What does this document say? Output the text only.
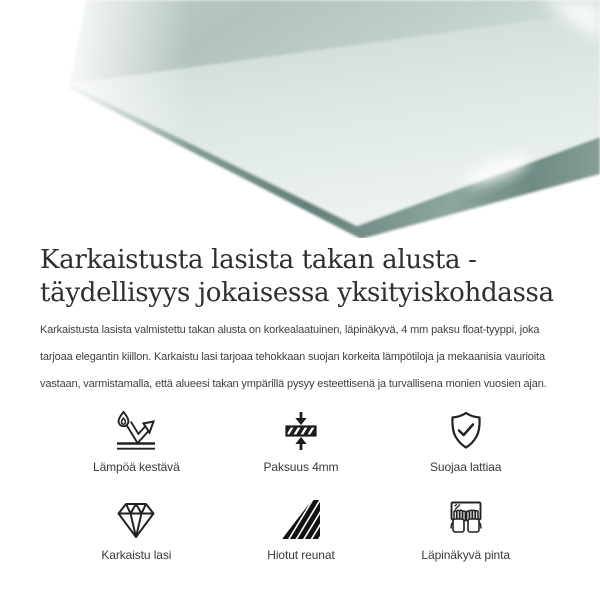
Karkaistusta lasista takan alusta -
täydellisyys jokaisessa yksityiskohdassa

Karkaistusta lasista valmistettu takan alusta on korkealaatuinen, läpinäkyvä, 4 mm paksu float-tyyppi, joka tarjoaa elegantin kiillon. Karkaistu lasi tarjoaa tehokkaan suojan korkeita lämpötiloja ja mekaanisia vaurioita vastaan, varmistamalla, että alueesi takan ympärillä pysyy esteettisenä ja turvallisena monien vuosien ajan.

Lämpöä kestävä	Paksuus 4mm	Suojaa lattiaa
Karkaistu lasi	Hiotut reunat	Läpinäkyvä pinta
